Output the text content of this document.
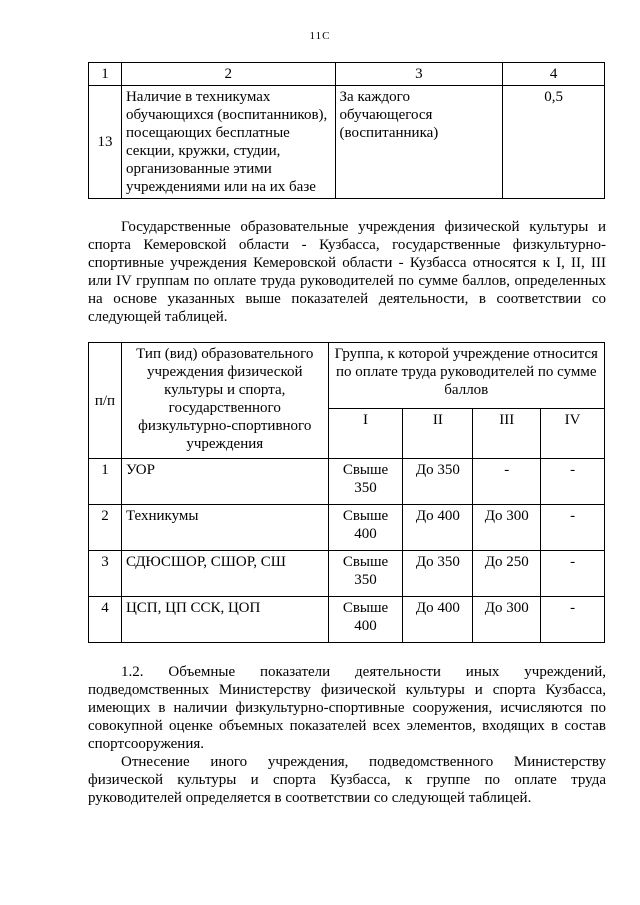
11С
1	2	3	4
13	Наличие в техникумах обучающихся (воспитанников), посещающих бесплатные секции, кружки, студии, организованные этими учреждениями или на их базе	За каждого обучающегося (воспитанника)	0,5

Государственные образовательные учреждения физической культуры и спорта Кемеровской области - Кузбасса, государственные физкультурно-спортивные учреждения Кемеровской области - Кузбасса относятся к I, II, III или IV группам по оплате труда руководителей по сумме баллов, определенных на основе указанных выше показателей деятельности, в соответствии со следующей таблицей.

п/п	Тип (вид) образовательного учреждения физической культуры и спорта, государственного физкультурно-спортивного учреждения	Группа, к которой учреждение относится по оплате труда руководителей по сумме баллов			
		I	II	III	IV
1	УОР	Свыше 350	До 350	-	-
2	Техникумы	Свыше 400	До 400	До 300	-
3	СДЮСШОР, СШОР, СШ	Свыше 350	До 350	До 250	-
4	ЦСП, ЦП ССК, ЦОП	Свыше 400	До 400	До 300	-

1.2. Объемные показатели деятельности иных учреждений, подведомственных Министерству физической культуры и спорта Кузбасса, имеющих в наличии физкультурно-спортивные сооружения, исчисляются по совокупной оценке объемных показателей всех элементов, входящих в состав спортсооружения.

Отнесение иного учреждения, подведомственного Министерству физической культуры и спорта Кузбасса, к группе по оплате труда руководителей определяется в соответствии со следующей таблицей.
